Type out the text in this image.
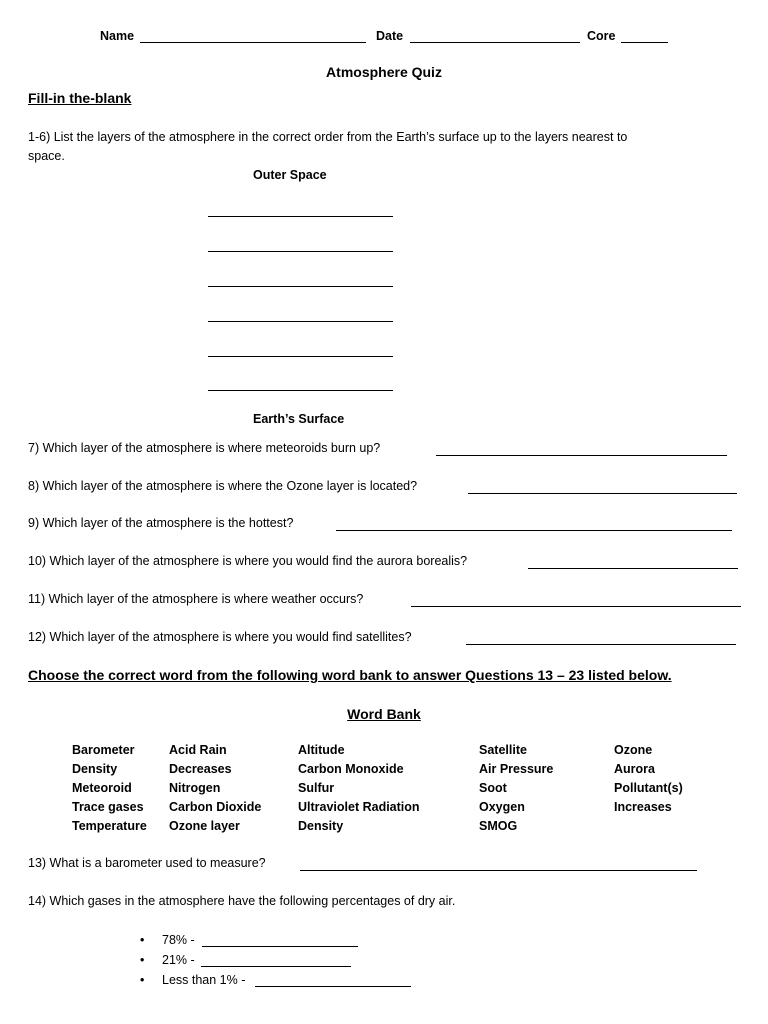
Name	Date	Core
Atmosphere Quiz
Fill-in the-blank
1-6) List the layers of the atmosphere in the correct order from the Earth’s surface up to the layers nearest to
space.
Outer Space
Earth’s Surface
7) Which layer of the atmosphere is where meteoroids burn up?
8) Which layer of the atmosphere is where the Ozone layer is located?
9) Which layer of the atmosphere is the hottest?
10) Which layer of the atmosphere is where you would find the aurora borealis?
11) Which layer of the atmosphere is where weather occurs?
12) Which layer of the atmosphere is where you would find satellites?
Choose the correct word from the following word bank to answer Questions 13 – 23 listed below.
Word Bank
Barometer
Density
Meteoroid
Trace gases
Temperature
Acid Rain
Decreases
Nitrogen
Carbon Dioxide
Ozone layer
Altitude
Carbon Monoxide
Sulfur
Ultraviolet Radiation
Density
Satellite
Air Pressure
Soot
Oxygen
SMOG
Ozone
Aurora
Pollutant(s)
Increases
13) What is a barometer used to measure?
14) Which gases in the atmosphere have the following percentages of dry air.
• 78% -
• 21% -
• Less than 1% -
